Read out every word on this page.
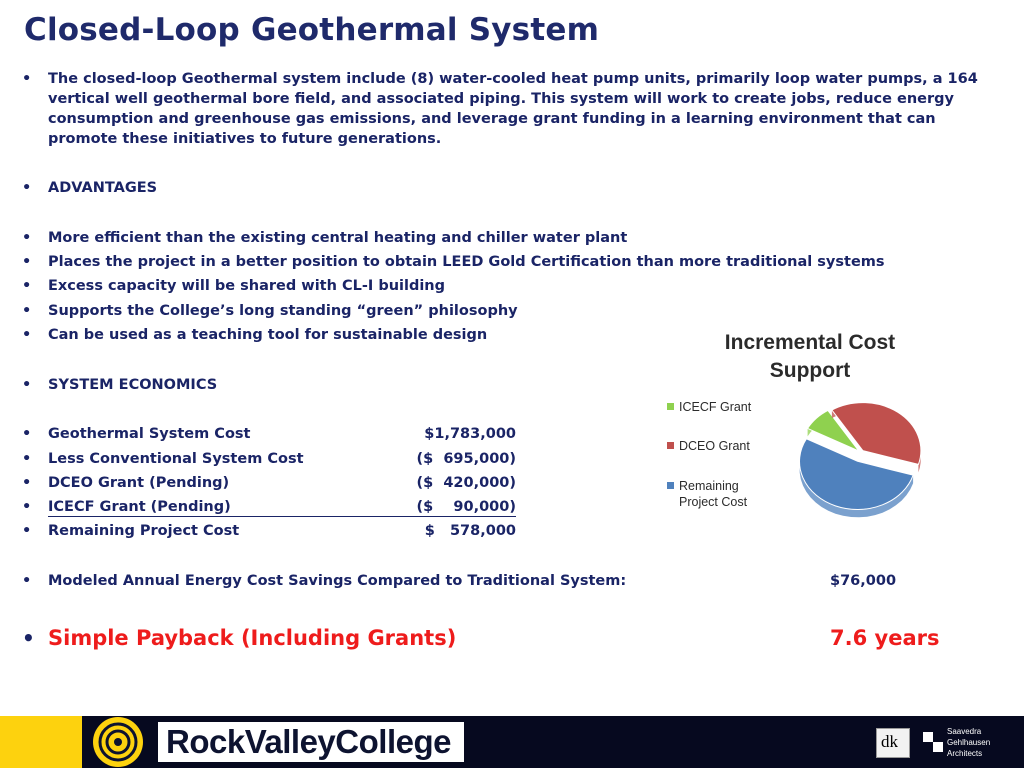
Closed-Loop Geothermal System
•	The closed-loop Geothermal system include (8) water-cooled heat pump units, primarily loop water pumps, a 164 vertical well geothermal bore field, and associated piping. This system will work to create jobs, reduce energy consumption and greenhouse gas emissions, and leverage grant funding in a learning environment that can promote these initiatives to future generations.
•	ADVANTAGES
•	More efficient than the existing central heating and chiller water plant
•	Places the project in a better position to obtain LEED Gold Certification than more traditional systems
•	Excess capacity will be shared with CL-I building
•	Supports the College’s long standing “green” philosophy
•	Can be used as a teaching tool for sustainable design
•	SYSTEM ECONOMICS
•	Geothermal System Cost	$1,783,000
•	Less Conventional System Cost	($  695,000)
•	DCEO Grant (Pending)	($  420,000)
•	ICECF Grant (Pending)	($    90,000)
•	Remaining Project Cost	$   578,000
•	Modeled Annual Energy Cost Savings Compared to Traditional System:	$76,000
• Simple Payback (Including Grants)	7.6 years
Incremental Cost Support
ICECF Grant
DCEO Grant
Remaining Project Cost
RockValleyCollege	dk
Saavedra
Gehlhausen
Architects
